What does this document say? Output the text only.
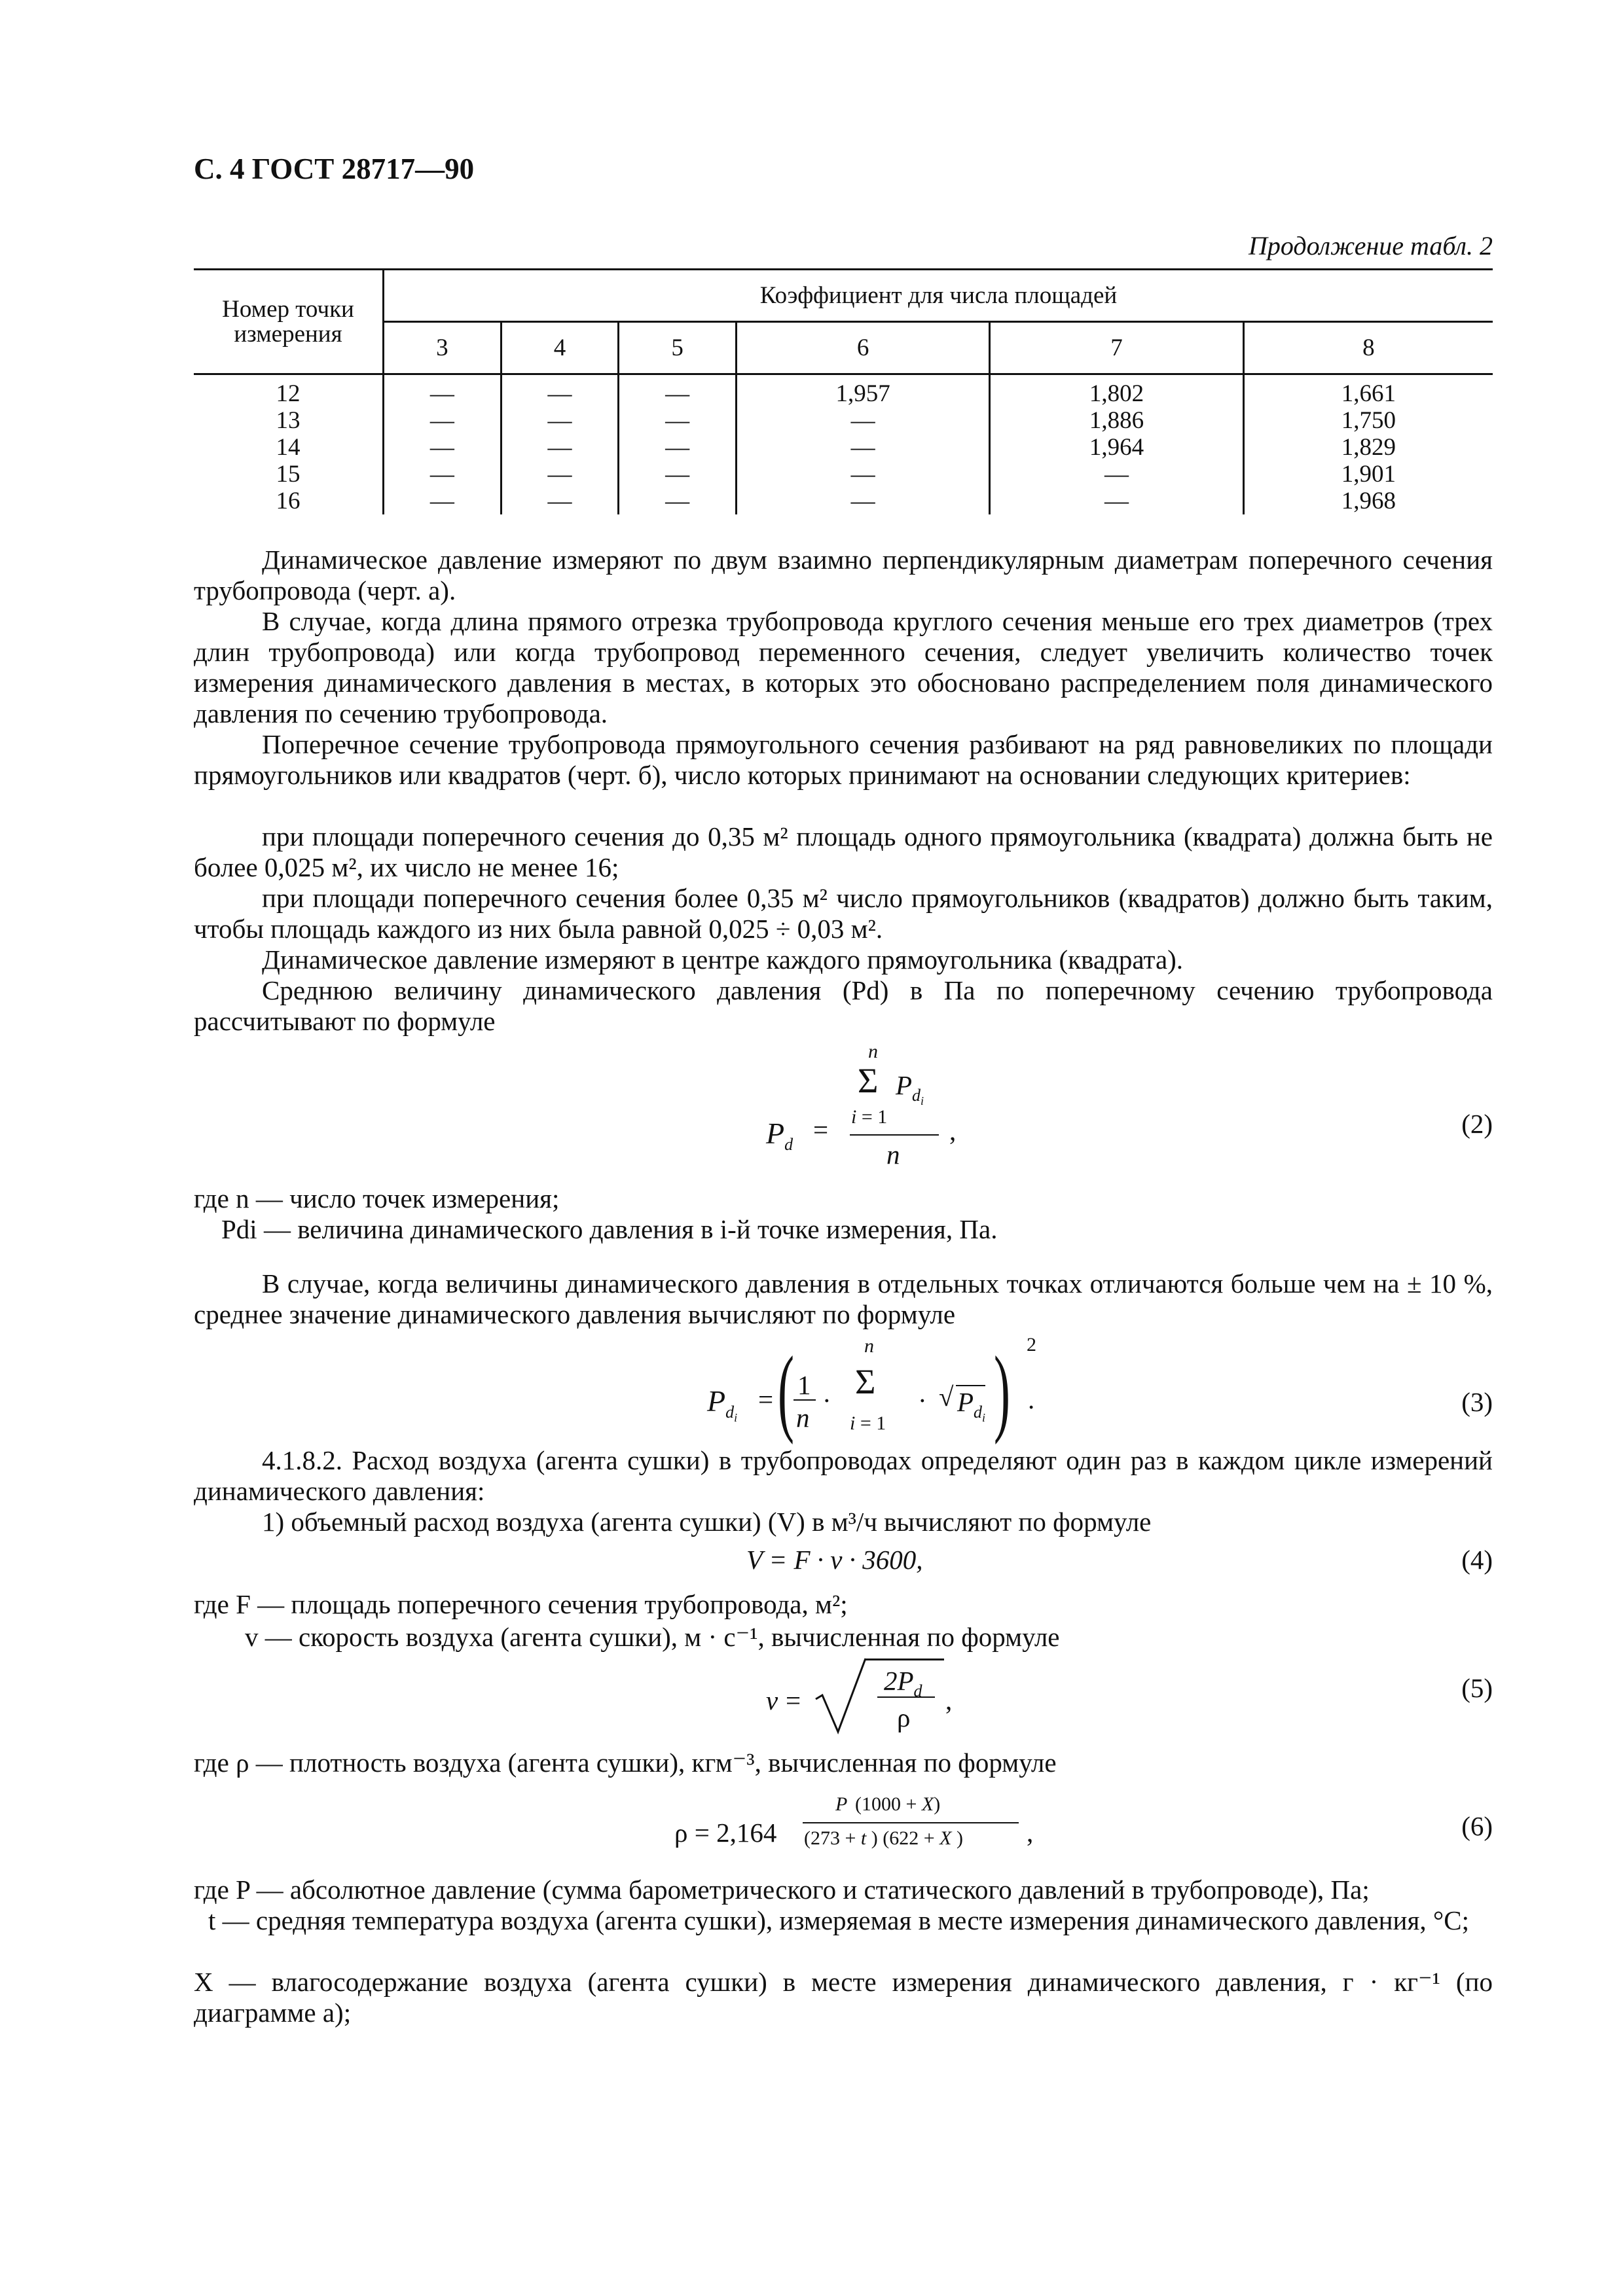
С. 4 ГОСТ 28717—90
Продолжение табл. 2
Номер точки измерения	Коэффициент для числа площадей					
	3	4	5	6	7	8
12	—	—	—	1,957	1,802	1,661
13	—	—	—	—	1,886	1,750
14	—	—	—	—	1,964	1,829
15	—	—	—	—	—	1,901
16	—	—	—	—	—	1,968
Динамическое давление измеряют по двум взаимно перпендикулярным диаметрам поперечного сечения трубопровода (черт. а).
В случае, когда длина прямого отрезка трубопровода круглого сечения меньше его трех диаметров (трех длин трубопровода) или когда трубопровод переменного сечения, следует увеличить количество точек измерения динамического давления в местах, в которых это обосновано распределением поля динамического давления по сечению трубопровода.
Поперечное сечение трубопровода прямоугольного сечения разбивают на ряд равновеликих по площади прямоугольников или квадратов (черт. б), число которых принимают на основании следующих критериев:
при площади поперечного сечения до 0,35 м² площадь одного прямоугольника (квадрата) должна быть не более 0,025 м², их число не менее 16;
при площади поперечного сечения более 0,35 м² число прямоугольников (квадратов) должно быть таким, чтобы площадь каждого из них была равной 0,025 ÷ 0,03 м².
Динамическое давление измеряют в центре каждого прямоугольника (квадрата).
Среднюю величину динамического давления (Pd) в Па по поперечному сечению трубопровода рассчитывают по формуле
$P_d$ =
n
Σ $P_{d_i}$
i = 1
n
,	(2)
где n — число точек измерения;
Pdi — величина динамического давления в i-й точке измерения, Па.
В случае, когда величины динамического давления в отдельных точках отличаются больше чем на ± 10 %, среднее значение динамического давления вычисляют по формуле
$P_{d_i}$
= ( 1
n
·
n
Σ
i = 1
· √ $P_{d_i}$ ) 2
.	(3)
4.1.8.2. Расход воздуха (агента сушки) в трубопроводах определяют один раз в каждом цикле измерений динамического давления:
1) объемный расход воздуха (агента сушки) (V) в м³/ч вычисляют по формуле
V = F · v · 3600,	(4)
где F — площадь поперечного сечения трубопровода, м²;
v — скорость воздуха (агента сушки), м · с⁻¹, вычисленная по формуле
v =
$2P_d$
ρ
,	(5)
где ρ — плотность воздуха (агента сушки), кгм⁻³, вычисленная по формуле
ρ = 2,164
P (1000 + X)
(273 + t ) (622 + X ) ,	(6)
где P — абсолютное давление (сумма барометрического и статического давлений в трубопроводе), Па;
t — средняя температура воздуха (агента сушки), измеряемая в месте измерения динамического давления, °С;
X — влагосодержание воздуха (агента сушки) в месте измерения динамического давления, г · кг⁻¹ (по диаграмме а);
